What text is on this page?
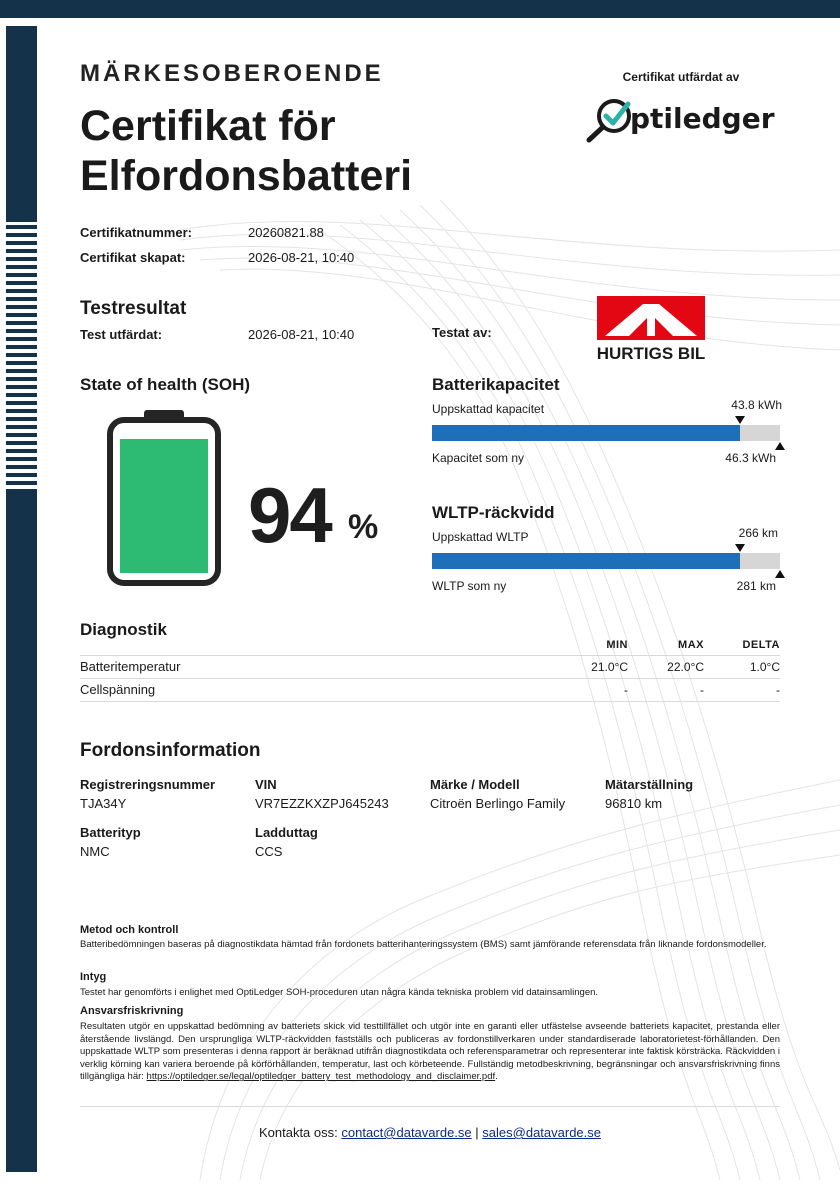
MÄRKESOBEROENDE
Certifikat för
Elfordonsbatteri
Certifikat utfärdat av
ptiledger
Certifikatnummer:	20260821.88
Certifikat skapat:	2026-08-21, 10:40
Testresultat
Test utfärdat:	2026-08-21, 10:40	Testat av:
HURTIGS BIL
State of health (SOH)
94 %
Batterikapacitet
Uppskattad kapacitet	43.8 kWh
Kapacitet som ny	46.3 kWh
WLTP-räckvidd
Uppskattad WLTP	266 km
WLTP som ny	281 km
Diagnostik
MIN	MAX	DELTA
Batteritemperatur	21.0°C	22.0°C	1.0°C
Cellspänning	-	-	-
Fordonsinformation
Registreringsnummer
TJA34Y
VIN
VR7EZZKXZPJ645243
Märke / Modell
Citroën Berlingo Family
Mätarställning
96810 km
Batterityp
NMC
Ladduttag
CCS
Metod och kontroll
Batteribedömningen baseras på diagnostikdata hämtad från fordonets batterihanteringssystem (BMS) samt jämförande referensdata från liknande fordonsmodeller.
Intyg
Testet har genomförts i enlighet med OptiLedger SOH-proceduren utan några kända tekniska problem vid datainsamlingen.
Ansvarsfriskrivning
Resultaten utgör en uppskattad bedömning av batteriets skick vid testtillfället och utgör inte en garanti eller utfästelse avseende batteriets kapacitet, prestanda eller återstående livslängd. Den ursprungliga WLTP-räckvidden fastställs och publiceras av fordonstillverkaren under standardiserade laboratorietest-förhållanden. Den uppskattade WLTP som presenteras i denna rapport är beräknad utifrån diagnostikdata och referensparametrar och representerar inte faktisk körsträcka. Räckvidden i verklig körning kan variera beroende på körförhållanden, temperatur, last och körbeteende. Fullständig metodbeskrivning, begränsningar och ansvarsfriskrivning finns tillgängliga här: https://optiledger.se/legal/optiledger_battery_test_methodology_and_disclaimer.pdf.
Kontakta oss: contact@datavarde.se | sales@datavarde.se
